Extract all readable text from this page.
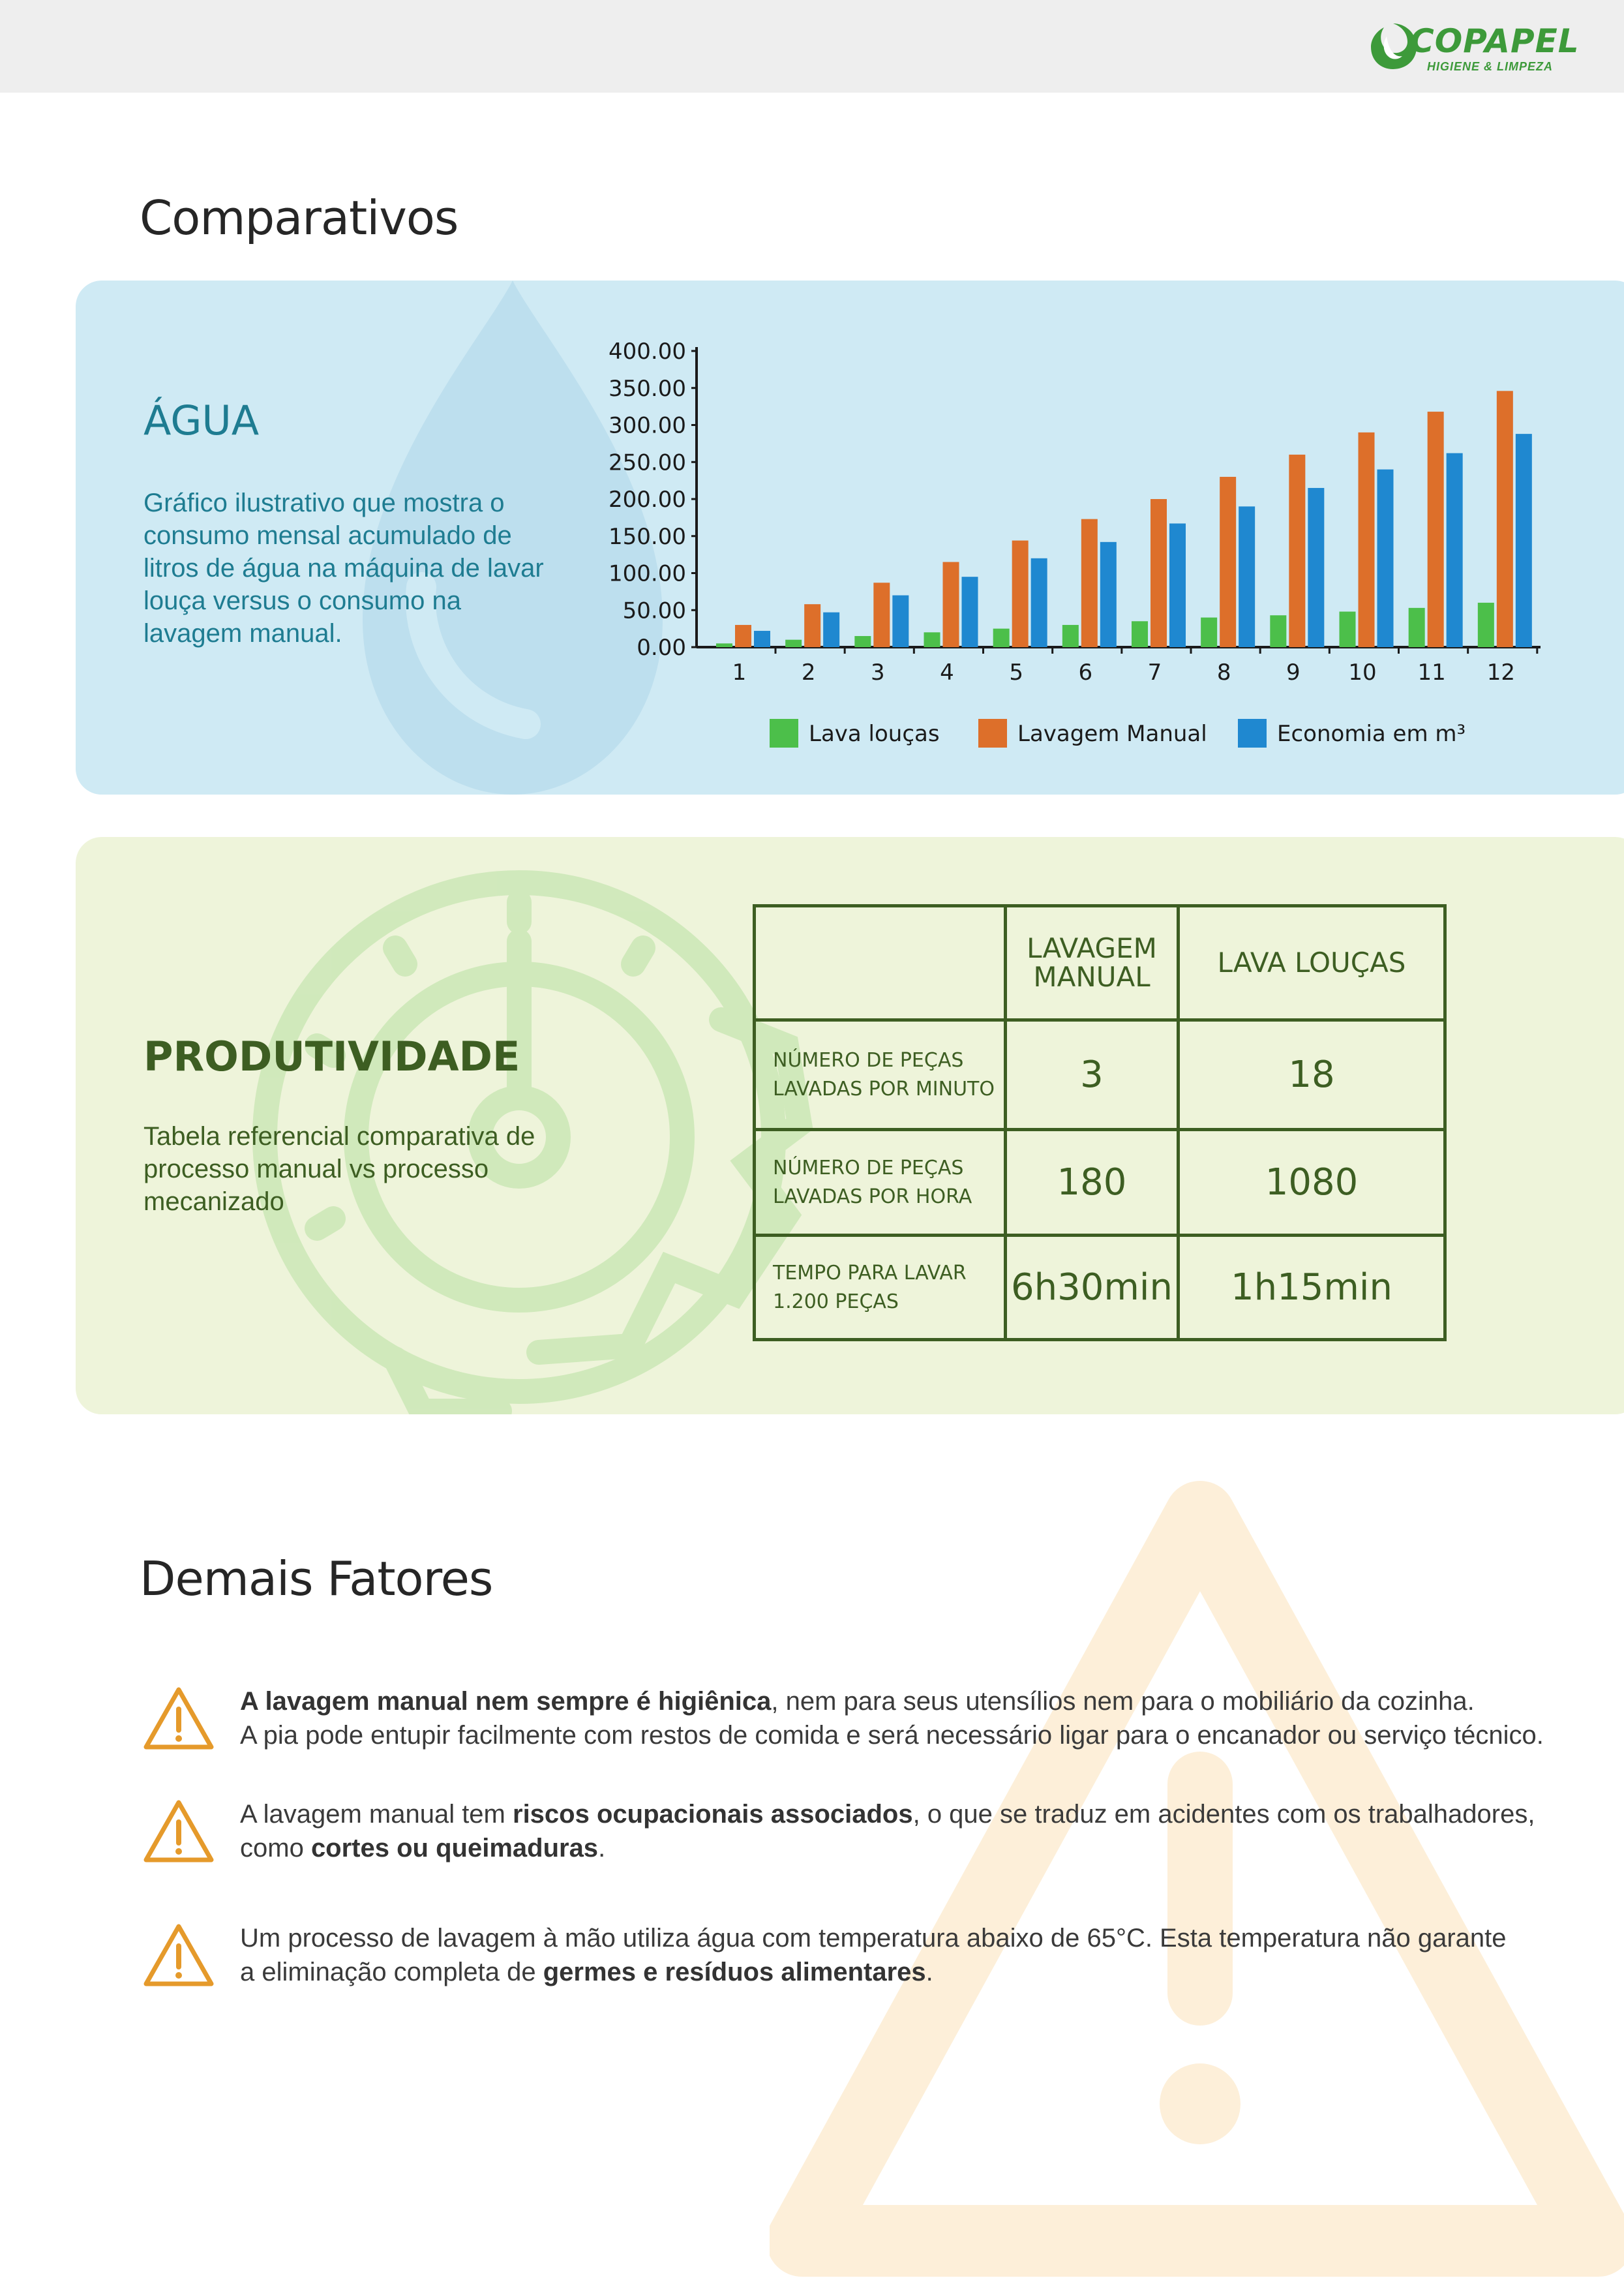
COPAPEL
HIGIENE & LIMPEZA
Comparativos
ÁGUA
Gráfico ilustrativo que mostra o consumo mensal acumulado de litros de água na máquina de lavar louça versus o consumo na lavagem manual.	0.00
50.00
100.00
150.00
200.00
250.00
300.00
350.00
400.00
1 2 3 4 5 6 7 8 9 10 11 12
Lava louças	Lavagem Manual	Economia em m³
PRODUTIVIDADE
Tabela referencial comparativa de processo manual vs processo mecanizado

	LAVAGEM
MANUAL	LAVA LOUÇAS

NÚMERO DE PEÇAS
LAVADAS POR MINUTO	3	18

NÚMERO DE PEÇAS
LAVADAS POR HORA	180	1080

TEMPO PARA LAVAR
1.200 PEÇAS	6h30min	1h15min
Demais Fatores
A lavagem manual nem sempre é higiênica, nem para seus utensílios nem para o mobiliário da cozinha.
A pia pode entupir facilmente com restos de comida e será necessário ligar para o encanador ou serviço técnico.
A lavagem manual tem riscos ocupacionais associados, o que se traduz em acidentes com os trabalhadores,
como cortes ou queimaduras.
Um processo de lavagem à mão utiliza água com temperatura abaixo de 65°C. Esta temperatura não garante
a eliminação completa de germes e resíduos alimentares.
